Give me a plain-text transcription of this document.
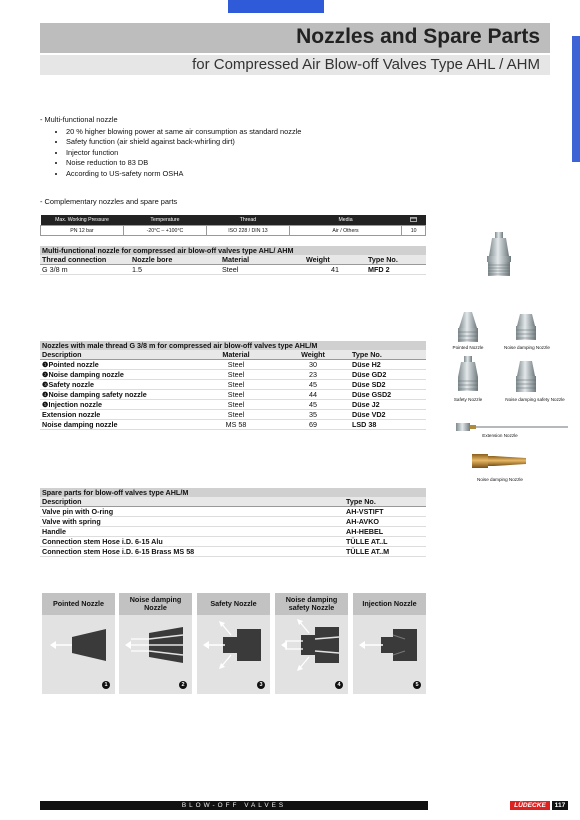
Nozzles and Spare Parts
for Compressed Air Blow-off Valves Type AHL / AHM
- Multi-functional nozzle
• 20 % higher blowing power at same air consumption as standard nozzle
• Safety function (air shield against back-whirling dirt)
• Injector function
• Noise reduction to 83 DB
• According to US-safety norm OSHA
- Complementary nozzles and spare parts
Max. Working Pressure	Temperature	Thread	Media	
PN 12 bar	-20°C – +100°C	ISO 228 / DIN 13	Air / Others	10
Multi-functional nozzle for compressed air blow-off valves type AHL/ AHM				
Thread connection	Nozzle bore	Material	Weight	Type No.
G 3/8 m	1.5	Steel	41	MFD 2
Nozzles with male thread G 3/8 m for compressed air blow-off valves type AHL/M			
Description	Material	Weight	Type No.
❶Pointed nozzle	Steel	30	Düse H2
❷Noise damping nozzle	Steel	23	Düse GD2
❸Safety nozzle	Steel	45	Düse SD2
❹Noise damping safety nozzle	Steel	44	Düse GSD2
❺Injection nozzle	Steel	45	Düse J2
Extension nozzle	Steel	35	Düse VD2
Noise damping nozzle	MS 58	69	LSD 38
Spare parts for blow-off valves type AHL/M	
Description	Type No.
Valve pin with O-ring	AH-VSTIFT
Valve with spring	AH-AVKO
Handle	AH-HEBEL
Connection stem Hose i.D. 6-15 Alu	TÜLLE AT..L
Connection stem Hose i.D. 6-15 Brass MS 58	TÜLLE AT..M
Pointed Nozzle	Noise damping Nozzle
Safety Nozzle	Noise damping safety Nozzle
Extension Nozzle
Noise damping Nozzle
Pointed Nozzle	Noise damping Nozzle	Safety Nozzle	Noise damping safety Nozzle	Injection Nozzle
1	2	3	4	5
BLOW-OFF VALVES	LÜDECKE	117
